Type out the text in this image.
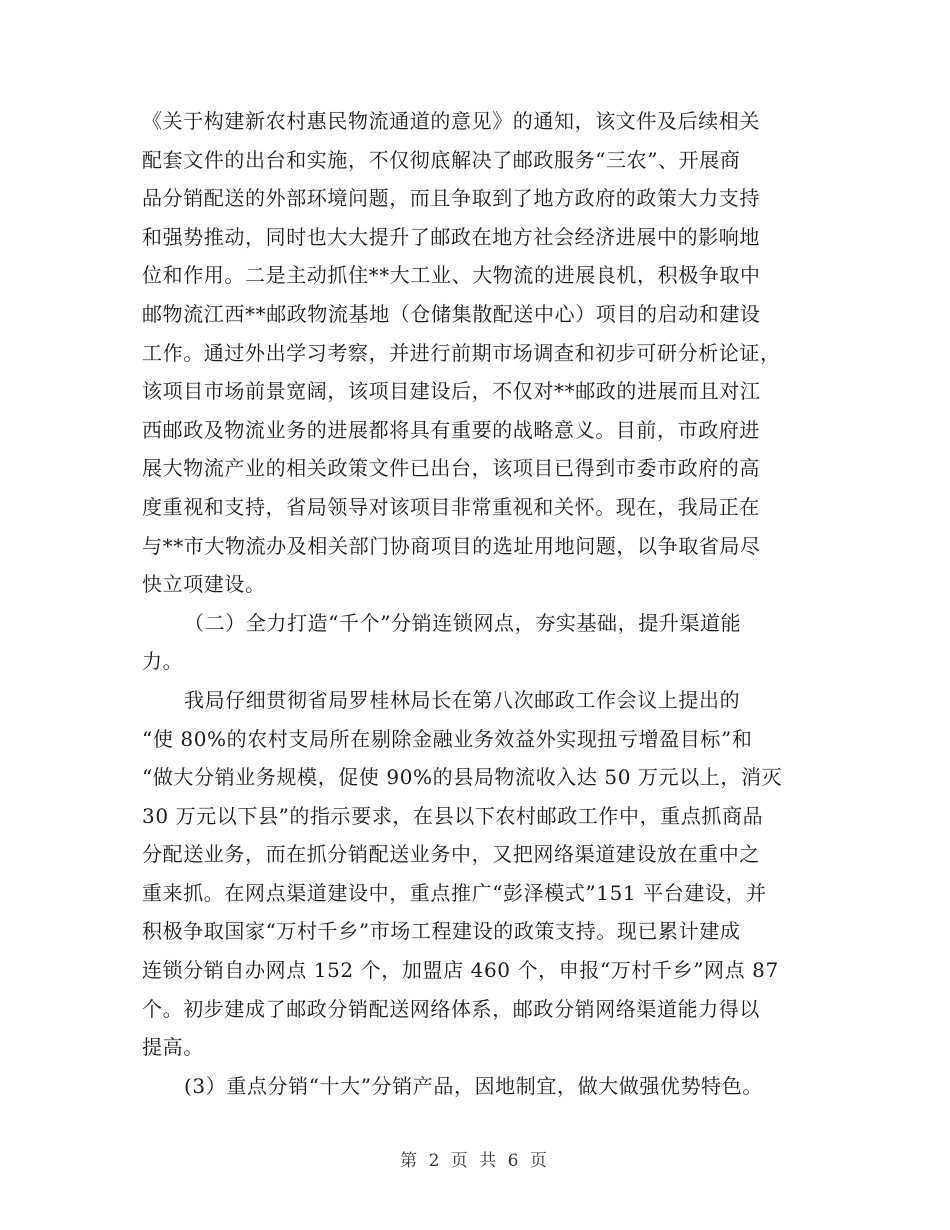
《关于构建新农村惠民物流通道的意见》的通知，该文件及后续相关
配套文件的出台和实施，不仅彻底解决了邮政服务“三农”、开展商
品分销配送的外部环境问题，而且争取到了地方政府的政策大力支持
和强势推动，同时也大大提升了邮政在地方社会经济进展中的影响地
位和作用。二是主动抓住**大工业、大物流的进展良机，积极争取中
邮物流江西**邮政物流基地（仓储集散配送中心）项目的启动和建设
工作。通过外出学习考察，并进行前期市场调查和初步可研分析论证，
该项目市场前景宽阔，该项目建设后，不仅对**邮政的进展而且对江
西邮政及物流业务的进展都将具有重要的战略意义。目前，市政府进
展大物流产业的相关政策文件已出台，该项目已得到市委市政府的高
度重视和支持，省局领导对该项目非常重视和关怀。现在，我局正在
与**市大物流办及相关部门协商项目的选址用地问题，以争取省局尽
快立项建设。
（二）全力打造“千个”分销连锁网点，夯实基础，提升渠道能
力。
我局仔细贯彻省局罗桂林局长在第八次邮政工作会议上提出的
“使 80%的农村支局所在剔除金融业务效益外实现扭亏增盈目标”和
“做大分销业务规模，促使 90%的县局物流收入达 50 万元以上，消灭
30 万元以下县”的指示要求，在县以下农村邮政工作中，重点抓商品
分配送业务，而在抓分销配送业务中，又把网络渠道建设放在重中之
重来抓。在网点渠道建设中，重点推广“彭泽模式”151 平台建设，并
积极争取国家“万村千乡”市场工程建设的政策支持。现已累计建成
连锁分销自办网点 152 个，加盟店 460 个，申报“万村千乡”网点 87
个。初步建成了邮政分销配送网络体系，邮政分销网络渠道能力得以
提高。
(3）重点分销“十大”分销产品，因地制宜，做大做强优势特色。
第 2 页 共 6 页
